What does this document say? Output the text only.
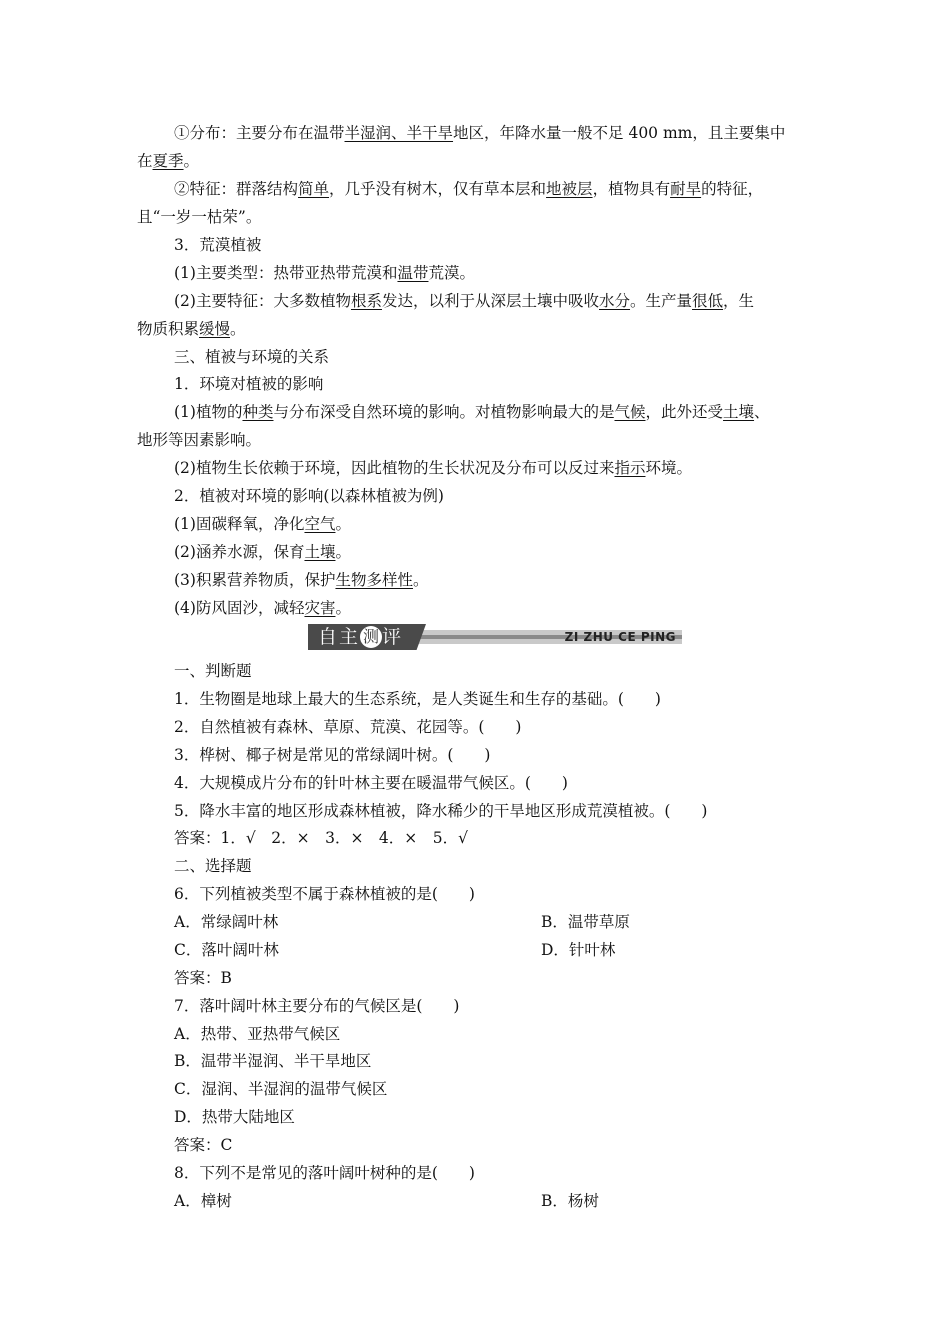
①分布：主要分布在温带半湿润、半干旱地区，年降水量一般不足 400 mm，且主要集中
在夏季。
②特征：群落结构简单，几乎没有树木，仅有草本层和地被层，植物具有耐旱的特征，
且“一岁一枯荣”。
3．荒漠植被
(1)主要类型：热带亚热带荒漠和温带荒漠。
(2)主要特征：大多数植物根系发达，以利于从深层土壤中吸收水分。生产量很低，生
物质积累缓慢。
三、植被与环境的关系
1．环境对植被的影响
(1)植物的种类与分布深受自然环境的影响。对植物影响最大的是气候，此外还受土壤、
地形等因素影响。
(2)植物生长依赖于环境，因此植物的生长状况及分布可以反过来指示环境。
2．植被对环境的影响(以森林植被为例)
(1)固碳释氧，净化空气。
(2)涵养水源，保育土壤。
(3)积累营养物质，保护生物多样性。
(4)防风固沙，减轻灾害。
自主 测 评	ZI ZHU CE PING
一、判断题
1．生物圈是地球上最大的生态系统，是人类诞生和生存的基础。(　　)
2．自然植被有森林、草原、荒漠、花园等。(　　)
3．桦树、椰子树是常见的常绿阔叶树。(　　)
4．大规模成片分布的针叶林主要在暖温带气候区。(　　)
5．降水丰富的地区形成森林植被，降水稀少的干旱地区形成荒漠植被。(　　)
答案：1．√　2．×　3．×　4．×　5．√
二、选择题
6．下列植被类型不属于森林植被的是(　　)
A．常绿阔叶林	B．温带草原
C．落叶阔叶林	D．针叶林
答案：B
7．落叶阔叶林主要分布的气候区是(　　)
A．热带、亚热带气候区
B．温带半湿润、半干旱地区
C．湿润、半湿润的温带气候区
D．热带大陆地区
答案：C
8．下列不是常见的落叶阔叶树种的是(　　)
A．樟树	B．杨树
